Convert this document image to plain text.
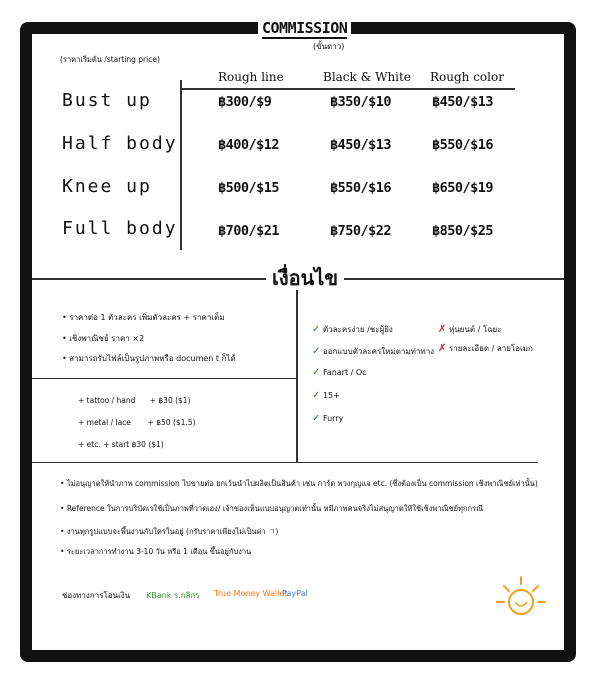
COMMISSION
(ขั้นดาว)
(ราคาเริ่มต้น /starting price)
Rough line	Black & White Rough color
Bust up	฿300/$9	฿350/$10	฿450/$13
Half body	฿400/$12	฿450/$13	฿550/$16
Knee up	฿500/$15	฿550/$16	฿650/$19
Full body	฿700/$21	฿750/$22	฿850/$25
เงื่อนไข
• ราคาต่อ 1 ตัวละคร เพิ่มตัวละคร + ราคาเต็ม
• เชิงพาณิชย์ ราคา ×2
• สามารถรับไฟล์เป็นรูปภาพหรือ documen t ก็ได้
+ tattoo / hand      + ฿30 ($1)
+ metal / lace       + ฿50 ($1.5)
+ etc. + start ฿30 ($1)
✓ ตัวละครง่าย /ชะผู้ยิง
✓ ออกแบบตัวละครใหม่ตามท่าทาง
✓ Fanart / Oc
✓ 15+
✓ Furry
✗ หุ่นยนต์ / โฉยะ
✗ รายละเอียด / ลายโอเมก
• ไม่อนุญาตให้นำภาพ commission ไปขายต่อ ยกเว้นนำไปผลิตเป็นสินค้า เช่น การ์ด พวงกุญแจ etc. (ซึ่งต้องเป็น commission เชิงพาณิชย์เท่านั้น)
• Reference ในการบริบัดเรใช้เป็นภาพที่วาดเอง/ เจ้าของเห็นแบบอนุญาตเท่านั้น หมีภาพคนจริงไม่สนุญาตให้ใช้เชิงพาณิชย์ทุกกรณี
• งานทุกรูปแบบจะพึ้นงานกับใครในอยู่ (กรับราคาเพียงไม่เป็นค่า ㄱ)
• ระยะเวลาการทำงาน 3-10 วัน หรือ 1 เดือน ขึ้นอยู่กับงาน
ช่องทางการโอนเงิน KBank ร.กสิกร True Money Wallet
PayPal
